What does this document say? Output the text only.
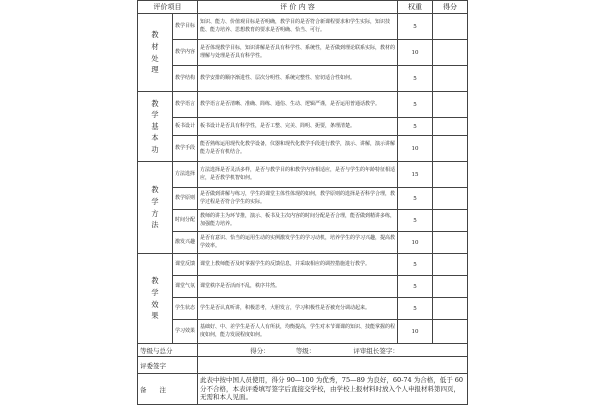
评价项目		评 价 内 容	权重	得分

教
材
处
理	教学目标	知识、能力、价值观目标是否明确，教学目的是否符合新课程要求和学生实际，知识技能、能力培养、思想教育的要求是否明确、恰当、可行。	5	
	教学内容	是否体现教学目标，知识讲解是否具有科学性、系统性，是否做到理论联系实际，教材的理解与处理是否具有科学性。	10	
	教学结构	教学安排的顺序渐进性、层次分明性、系统完整性、密切适合性如何。	5	

教
学
基
本
功	教学语言	教学语言是否清晰、准确、简练、通俗、生动、逻辑严谨，是否运用普通话教学。	5	
	板书设计	板书设计是否具有科学性，是否工整、完美、简明、扼要，条理清楚。	5	
	教学手段	能否熟练运用现代化教学设备，仪器和现代化教学手段进行教学，演示、讲解，演示讲解能力是否有机结合。	10	

教
学
方
法	方法选择	方法选择是否灵活多样，是否与教学目的和教学内容相适应，是否与学生的年龄特征相适应，是否教学机智如何。	15	
	教学原则	是否做到讲解与练习，学生的课堂主体性体现的如何，教学原则的选择是否科学合理，教学过程是否符合学生的实际。	5	
	时间分配	教师的讲主为环节推，演示、板书及主次内容的时间分配是否合理，能否做到精讲多练，加强能力培养。	5	
	激发兴趣	是否有意识、恰当的运用生动的实例激发学生的学习动机，培养学生的学习兴趣，提高教学效率。	10	

教
学
效
果	课堂反馈	课堂上教师能否及时掌握学生的反馈信息，并采取相应的调控措施进行教学。	5	
	课堂气氛	课堂秩序是否活而不乱，秩序井然。	5	
	学生状态	学生是否认真听讲，积极思考，大胆发言，学习积极性是否被充分调动起来。	5	
	学习效果	基础好、中、差学生是否人人有所获，均衡提高，学生对本节课课的知识、技能掌握的程度如何，能力发展程度如何。	10	
等级与总分		得分： 等级： 评审组长签字：		
评委签字				
备　　注		此表中按中国人员使用，得分 90—100 为优秀，75—89 为良好，60-74 为合格，低于 60 分不合格，本表评委填写签字后直接交学校，由学校上报材料时放入个人申报材料第四页，无需和本人见面。		
